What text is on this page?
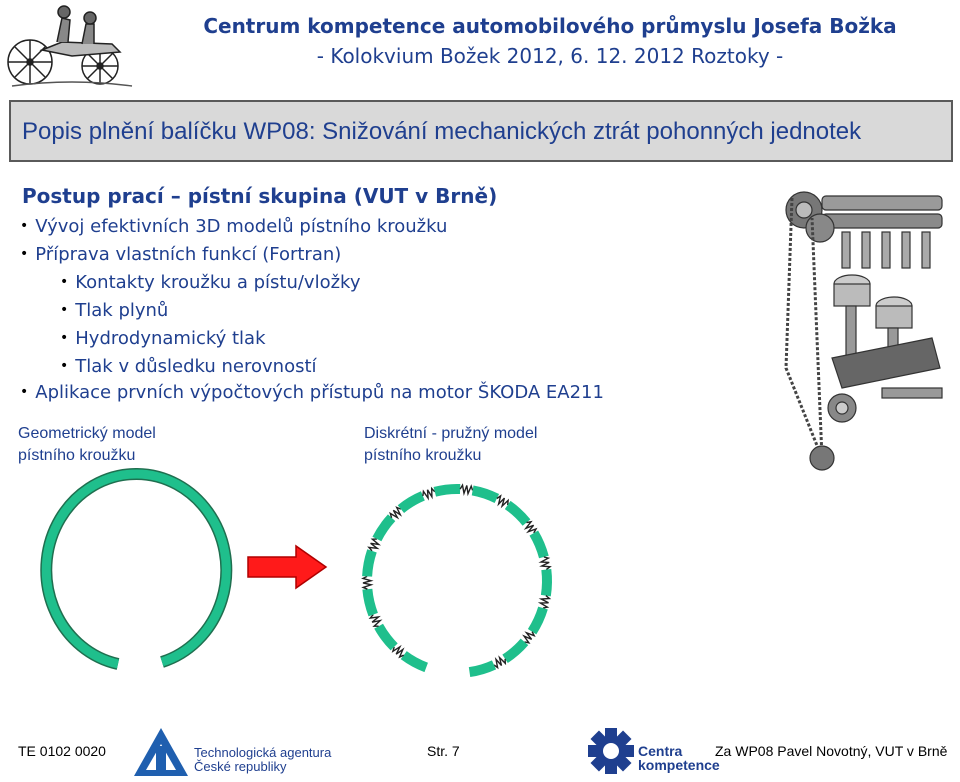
Centrum kompetence automobilového průmyslu Josefa Božka
- Kolokvium Božek 2012, 6. 12. 2012 Roztoky -
Popis plnění balíčku WP08: Snižování mechanických ztrát pohonných jednotek
Postup prací – pístní skupina (VUT v Brně)
• Vývoj efektivních 3D modelů pístního kroužku
• Příprava vlastních funkcí (Fortran)
• Kontakty kroužku a pístu/vložky
• Tlak plynů
• Hydrodynamický tlak
• Tlak v důsledku nerovností
• Aplikace prvních výpočtových přístupů na motor ŠKODA EA211
Geometrický model
pístního kroužku
Diskrétní - pružný model
pístního kroužku
TE 0102 0020	Technologická agentura
České republiky
Str. 7	Centra
kompetence
Za WP08 Pavel Novotný, VUT v Brně
